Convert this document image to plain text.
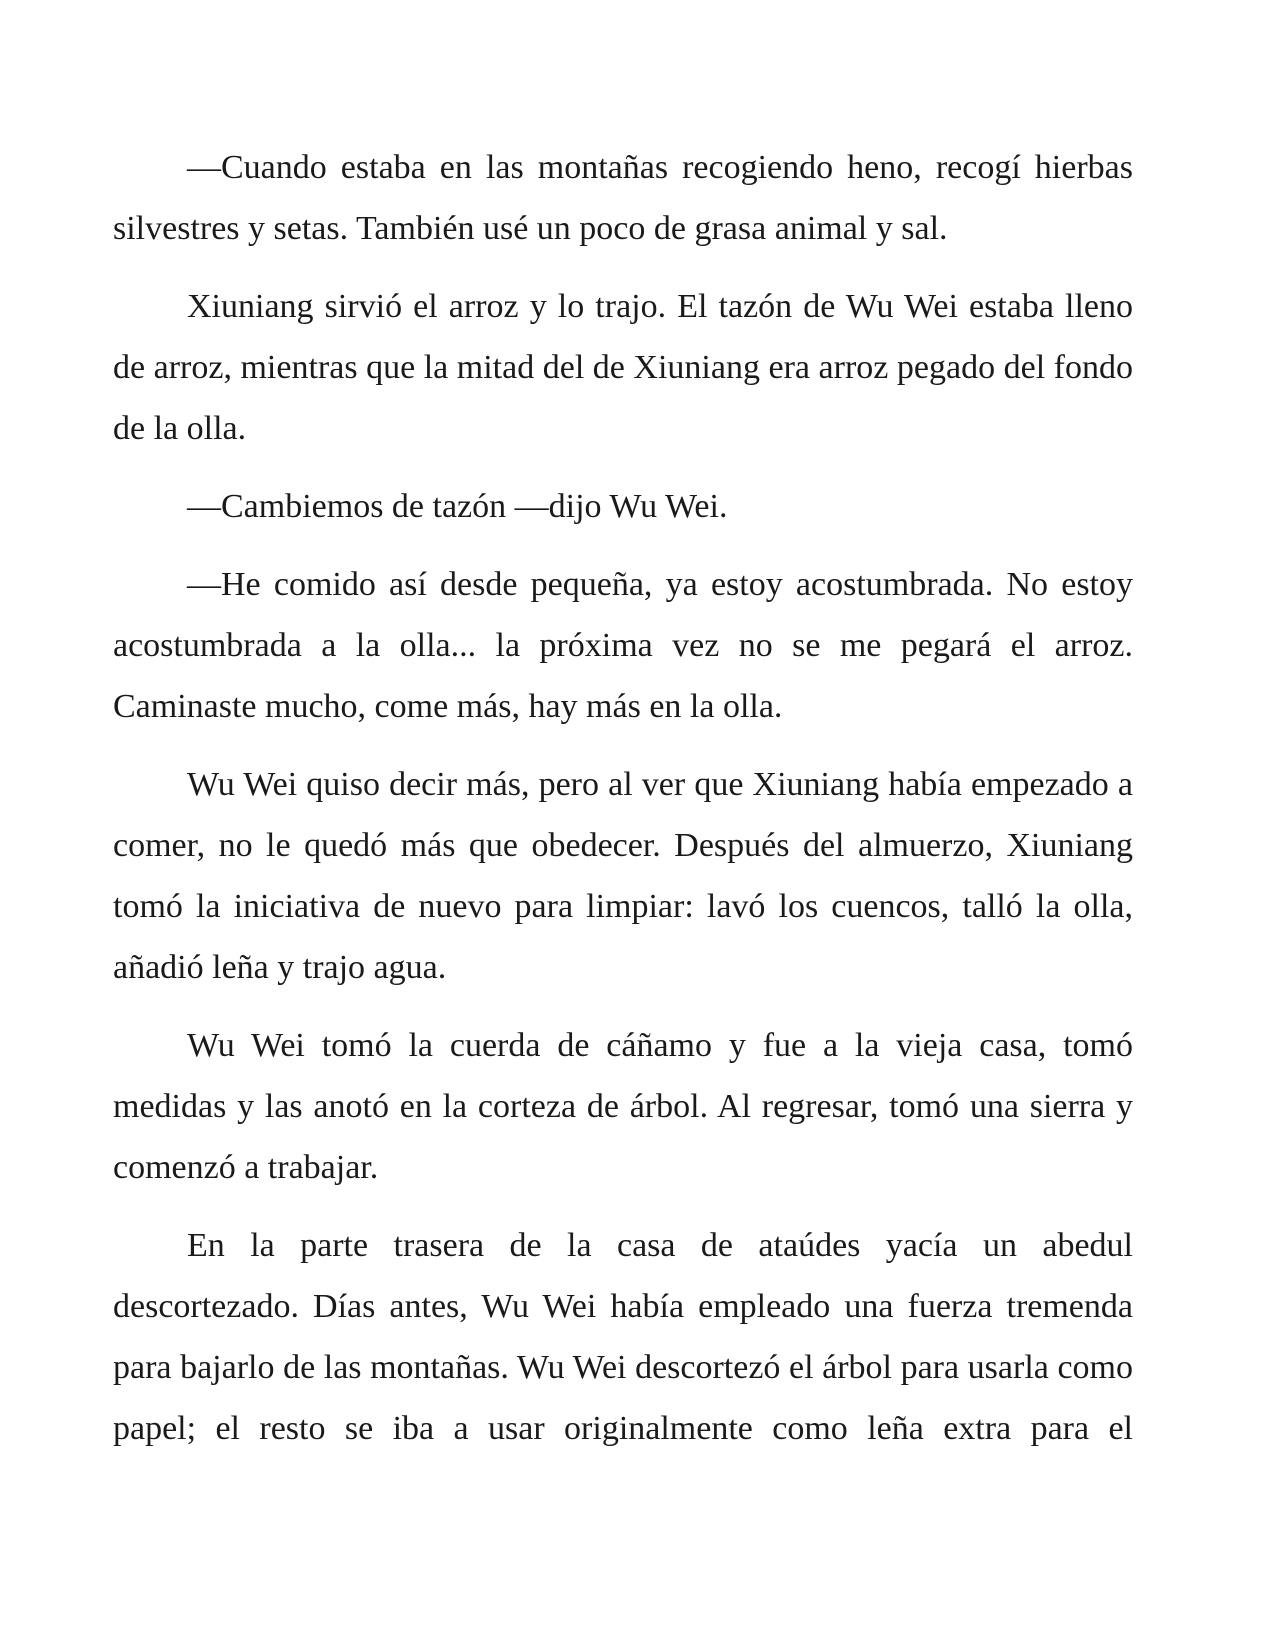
—Cuando estaba en las montañas recogiendo heno, recogí hierbas silvestres y setas. También usé un poco de grasa animal y sal.

Xiuniang sirvió el arroz y lo trajo. El tazón de Wu Wei estaba lleno de arroz, mientras que la mitad del de Xiuniang era arroz pegado del fondo de la olla.

—Cambiemos de tazón —dijo Wu Wei.

—He comido así desde pequeña, ya estoy acostumbrada. No estoy acostumbrada a la olla... la próxima vez no se me pegará el arroz. Caminaste mucho, come más, hay más en la olla.

Wu Wei quiso decir más, pero al ver que Xiuniang había empezado a comer, no le quedó más que obedecer. Después del almuerzo, Xiuniang tomó la iniciativa de nuevo para limpiar: lavó los cuencos, talló la olla, añadió leña y trajo agua.

Wu Wei tomó la cuerda de cáñamo y fue a la vieja casa, tomó medidas y las anotó en la corteza de árbol. Al regresar, tomó una sierra y comenzó a trabajar.

En la parte trasera de la casa de ataúdes yacía un abedul descortezado. Días antes, Wu Wei había empleado una fuerza tremenda para bajarlo de las montañas. Wu Wei descortezó el árbol para usarla como papel; el resto se iba a usar originalmente como leña extra para el
